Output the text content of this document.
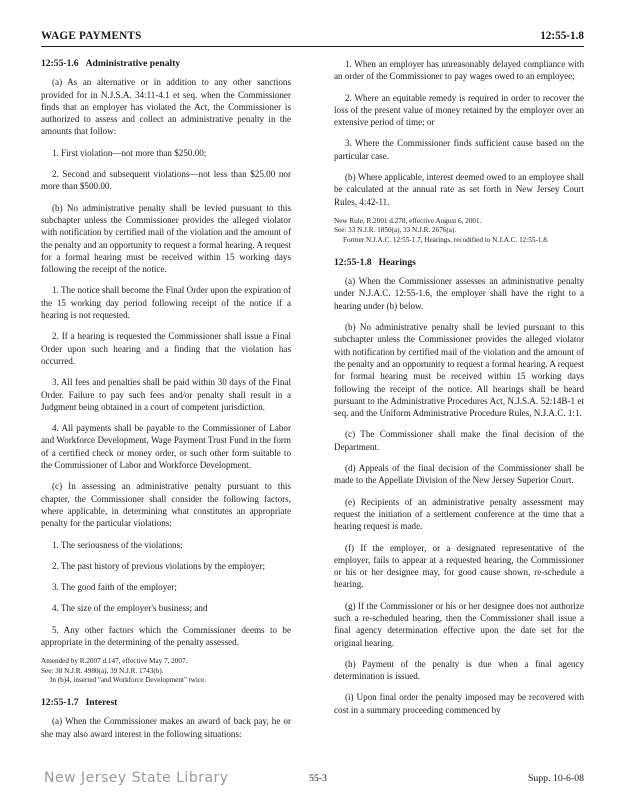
WAGE PAYMENTS	12:55-1.8
12:55-1.6 Administrative penalty

(a) As an alternative or in addition to any other sanctions provided for in N.J.S.A. 34:11-4.1 et seq. when the Commissioner finds that an employer has violated the Act, the Commissioner is authorized to assess and collect an administrative penalty in the amounts that follow:

1. First violation—not more than $250.00;

2. Second and subsequent violations—not less than $25.00 nor more than $500.00.

(b) No administrative penalty shall be levied pursuant to this subchapter unless the Commissioner provides the alleged violator with notification by certified mail of the violation and the amount of the penalty and an opportunity to request a formal hearing. A request for a formal hearing must be received within 15 working days following the receipt of the notice.

1. The notice shall become the Final Order upon the expiration of the 15 working day period following receipt of the notice if a hearing is not requested.

2. If a hearing is requested the Commissioner shall issue a Final Order upon such hearing and a finding that the violation has occurred.

3. All fees and penalties shall be paid within 30 days of the Final Order. Failure to pay such fees and/or penalty shall result in a Judgment being obtained in a court of competent jurisdiction.

4. All payments shall be payable to the Commissioner of Labor and Workforce Development, Wage Payment Trust Fund in the form of a certified check or money order, or such other form suitable to the Commissioner of Labor and Workforce Development.

(c) In assessing an administrative penalty pursuant to this chapter, the Commissioner shall consider the following factors, where applicable, in determining what constitutes an appropriate penalty for the particular violations:

1. The seriousness of the violations;

2. The past history of previous violations by the employer;

3. The good faith of the employer;

4. The size of the employer's business; and

5. Any other factors which the Commissioner deems to be appropriate in the determining of the penalty assessed.

Amended by R.2007 d.147, effective May 7, 2007.

See: 38 N.J.R. 4980(a), 39 N.J.R. 1743(b).

In (b)4, inserted "and Workforce Development" twice.

12:55-1.7 Interest

(a) When the Commissioner makes an award of back pay, he or she may also award interest in the following situations:

1. When an employer has unreasonably delayed compliance with an order of the Commissioner to pay wages owed to an employee;

2. Where an equitable remedy is required in order to recover the loss of the present value of money retained by the employer over an extensive period of time; or

3. Where the Commissioner finds sufficient cause based on the particular case.

(b) Where applicable, interest deemed owed to an employee shall be calculated at the annual rate as set forth in New Jersey Court Rules, 4:42-11.

New Rule, R.2001 d.278, effective August 6, 2001.

See: 33 N.J.R. 1850(a), 33 N.J.R. 2676(a).

Former N.J.A.C. 12:55-1.7, Hearings, recodified to N.J.A.C. 12:55-1.8.

12:55-1.8 Hearings

(a) When the Commissioner assesses an administrative penalty under N.J.A.C. 12:55-1.6, the employer shall have the right to a hearing under (b) below.

(b) No administrative penalty shall be levied pursuant to this subchapter unless the Commissioner provides the alleged violator with notification by certified mail of the violation and the amount of the penalty and an opportunity to request a formal hearing. A request for formal hearing must be received within 15 working days following the receipt of the notice. All hearings shall be heard pursuant to the Administrative Procedures Act, N.J.S.A. 52:14B-1 et seq. and the Uniform Administrative Procedure Rules, N.J.A.C. 1:1.

(c) The Commissioner shall make the final decision of the Department.

(d) Appeals of the final decision of the Commissioner shall be made to the Appellate Division of the New Jersey Superior Court.

(e) Recipients of an administrative penalty assessment may request the initiation of a settlement conference at the time that a hearing request is made.

(f) If the employer, or a designated representative of the employer, fails to appear at a requested hearing, the Commissioner or his or her designee may, for good cause shown, re-schedule a hearing.

(g) If the Commissioner or his or her designee does not authorize such a re-scheduled hearing, then the Commissioner shall issue a final agency determination effective upon the date set for the original hearing.

(h) Payment of the penalty is due when a final agency determination is issued.

(i) Upon final order the penalty imposed may be recovered with cost in a summary proceeding commenced by

New Jersey State Library	55-3	Supp. 10-6-08
